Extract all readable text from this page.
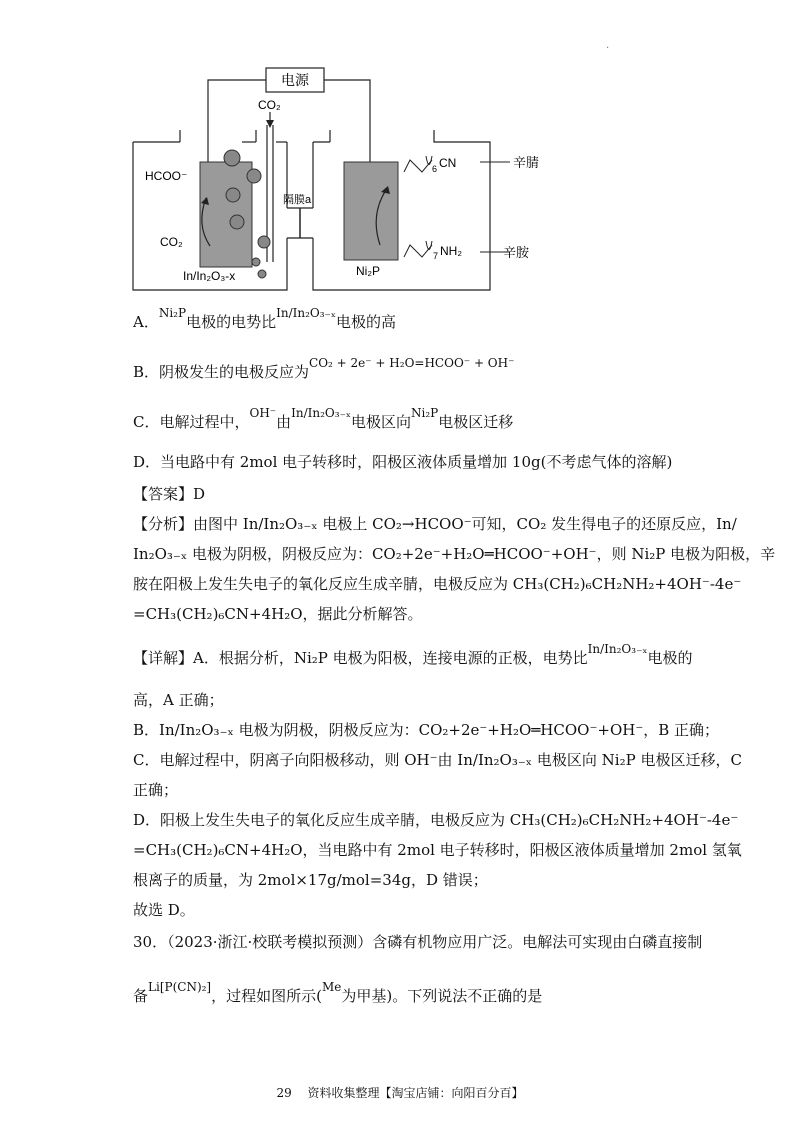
.
电源
隔膜a
CO₂
HCOO⁻
CO₂
In/In₂O₃-x	Ni₂P
6 CN	辛腈
7 NH₂	辛胺
A．$^{Ni_2P}$电极的电势比$^{In/In_2O_{3-x}}$电极的高
B．阴极发生的电极反应为$^{CO_2 + 2e^- + H_2O=HCOO^- + OH^-}$
C．电解过程中，$^{OH^-}$由$^{In/In_2O_{3-x}}$电极区向$^{Ni_2P}$电极区迁移
D．当电路中有 2mol 电子转移时，阳极区液体质量增加 10g(不考虑气体的溶解)
【答案】D
【分析】由图中 In/In₂O₃₋ₓ 电极上 CO₂→HCOO⁻可知，CO₂ 发生得电子的还原反应，In/
In₂O₃₋ₓ 电极为阴极，阴极反应为：CO₂+2e⁻+H₂O═HCOO⁻+OH⁻，则 Ni₂P 电极为阳极，辛
胺在阳极上发生失电子的氧化反应生成辛腈，电极反应为 CH₃(CH₂)₆CH₂NH₂+4OH⁻-4e⁻
=CH₃(CH₂)₆CN+4H₂O，据此分析解答。
【详解】A．根据分析，Ni₂P 电极为阳极，连接电源的正极，电势比$^{In/In_2O_{3-x}}$电极的
高，A 正确；
B．In/In₂O₃₋ₓ 电极为阴极，阴极反应为：CO₂+2e⁻+H₂O═HCOO⁻+OH⁻，B 正确；
C．电解过程中，阴离子向阳极移动，则 OH⁻由 In/In₂O₃₋ₓ 电极区向 Ni₂P 电极区迁移，C
正确；
D．阳极上发生失电子的氧化反应生成辛腈，电极反应为 CH₃(CH₂)₆CH₂NH₂+4OH⁻-4e⁻
=CH₃(CH₂)₆CN+4H₂O，当电路中有 2mol 电子转移时，阳极区液体质量增加 2mol 氢氧
根离子的质量，为 2mol×17g/mol=34g，D 错误；
故选 D。
30．（2023·浙江·校联考模拟预测）含磷有机物应用广泛。电解法可实现由白磷直接制
备$^{Li[P(CN)_2]}$，过程如图所示($^{Me}$为甲基)。下列说法不正确的是
29 资料收集整理【淘宝店铺：向阳百分百】
